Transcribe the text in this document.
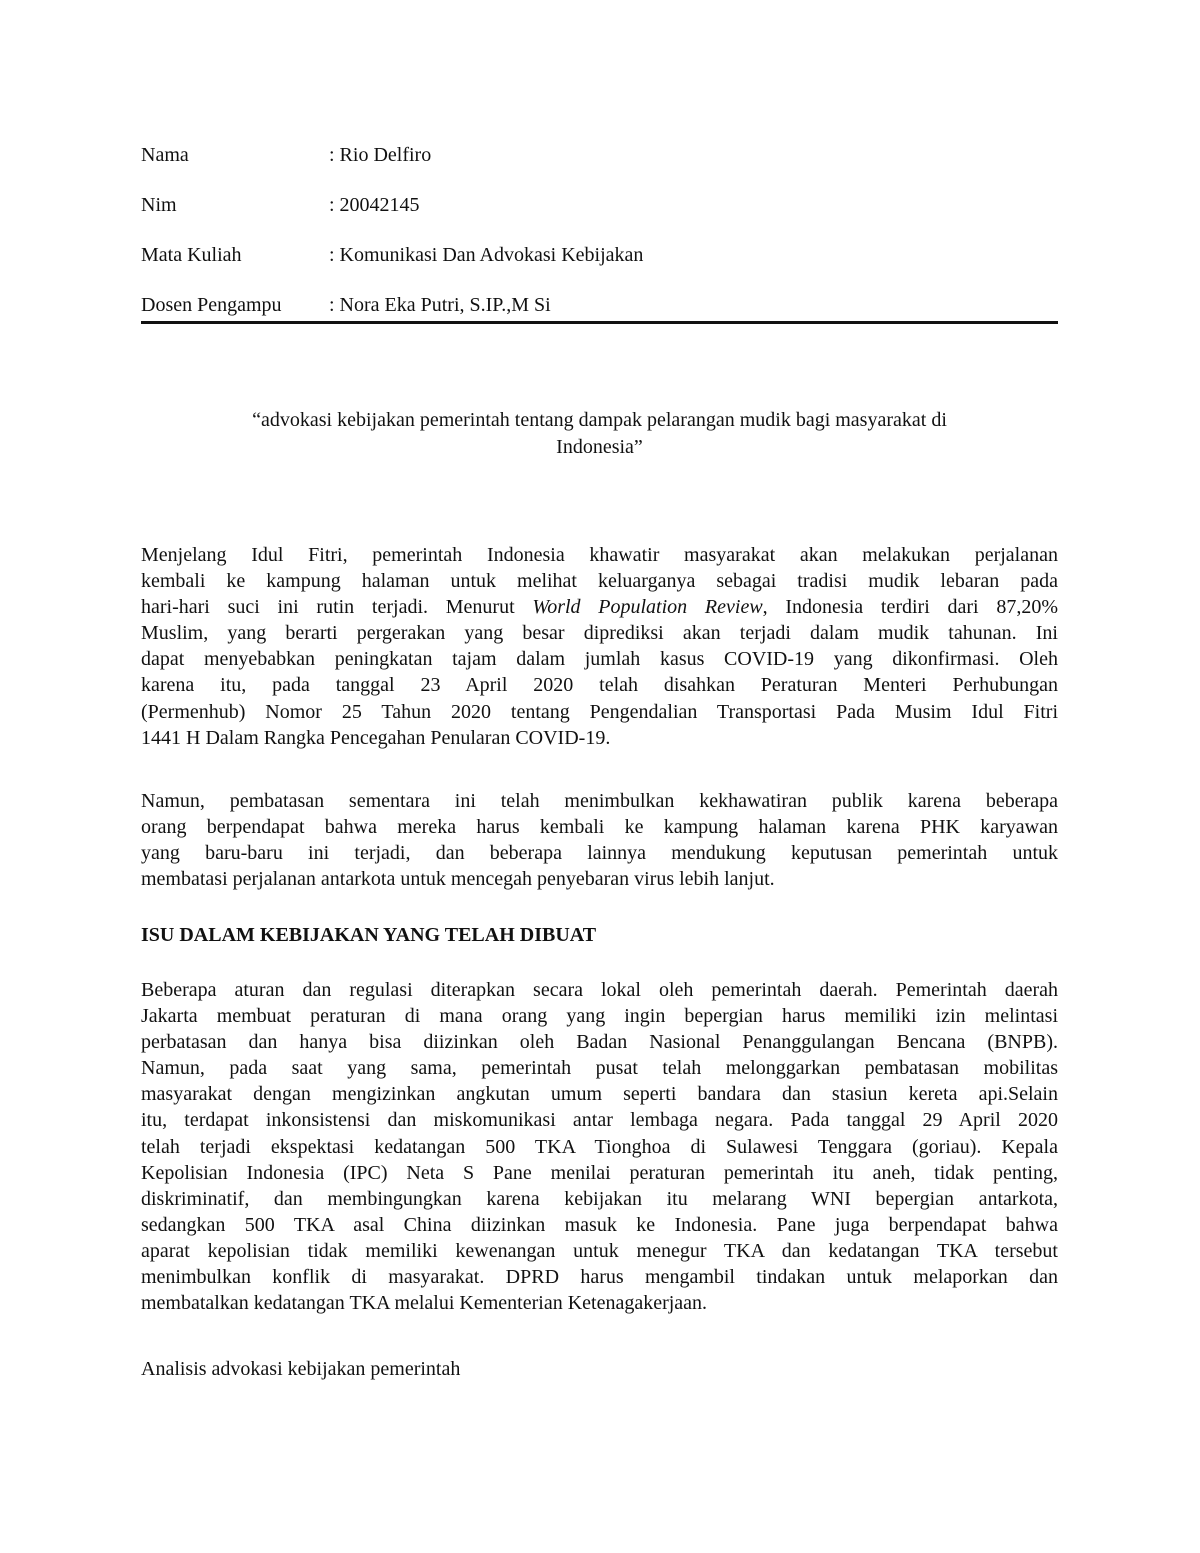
Nama	: Rio Delfiro
Nim	: 20042145
Mata Kuliah	: Komunikasi Dan Advokasi Kebijakan
Dosen Pengampu : Nora Eka Putri, S.IP.,M Si
“advokasi kebijakan pemerintah tentang dampak pelarangan mudik bagi masyarakat di
Indonesia”
Menjelang Idul Fitri, pemerintah Indonesia khawatir masyarakat akan melakukan perjalanan
kembali ke kampung halaman untuk melihat keluarganya sebagai tradisi mudik lebaran pada
hari-hari suci ini rutin terjadi. Menurut World Population Review, Indonesia terdiri dari 87,20%
Muslim, yang berarti pergerakan yang besar diprediksi akan terjadi dalam mudik tahunan. Ini
dapat menyebabkan peningkatan tajam dalam jumlah kasus COVID-19 yang dikonfirmasi. Oleh
karena itu, pada tanggal 23 April 2020 telah disahkan Peraturan Menteri Perhubungan
(Permenhub) Nomor 25 Tahun 2020 tentang Pengendalian Transportasi Pada Musim Idul Fitri
1441 H Dalam Rangka Pencegahan Penularan COVID-19.
Namun, pembatasan sementara ini telah menimbulkan kekhawatiran publik karena beberapa
orang berpendapat bahwa mereka harus kembali ke kampung halaman karena PHK karyawan
yang baru-baru ini terjadi, dan beberapa lainnya mendukung keputusan pemerintah untuk
membatasi perjalanan antarkota untuk mencegah penyebaran virus lebih lanjut.
ISU DALAM KEBIJAKAN YANG TELAH DIBUAT
Beberapa aturan dan regulasi diterapkan secara lokal oleh pemerintah daerah. Pemerintah daerah
Jakarta membuat peraturan di mana orang yang ingin bepergian harus memiliki izin melintasi
perbatasan dan hanya bisa diizinkan oleh Badan Nasional Penanggulangan Bencana (BNPB).
Namun, pada saat yang sama, pemerintah pusat telah melonggarkan pembatasan mobilitas
masyarakat dengan mengizinkan angkutan umum seperti bandara dan stasiun kereta api.Selain
itu, terdapat inkonsistensi dan miskomunikasi antar lembaga negara. Pada tanggal 29 April 2020
telah terjadi ekspektasi kedatangan 500 TKA Tionghoa di Sulawesi Tenggara (goriau). Kepala
Kepolisian Indonesia (IPC) Neta S Pane menilai peraturan pemerintah itu aneh, tidak penting,
diskriminatif, dan membingungkan karena kebijakan itu melarang WNI bepergian antarkota,
sedangkan 500 TKA asal China diizinkan masuk ke Indonesia. Pane juga berpendapat bahwa
aparat kepolisian tidak memiliki kewenangan untuk menegur TKA dan kedatangan TKA tersebut
menimbulkan konflik di masyarakat. DPRD harus mengambil tindakan untuk melaporkan dan
membatalkan kedatangan TKA melalui Kementerian Ketenagakerjaan.
Analisis advokasi kebijakan pemerintah
